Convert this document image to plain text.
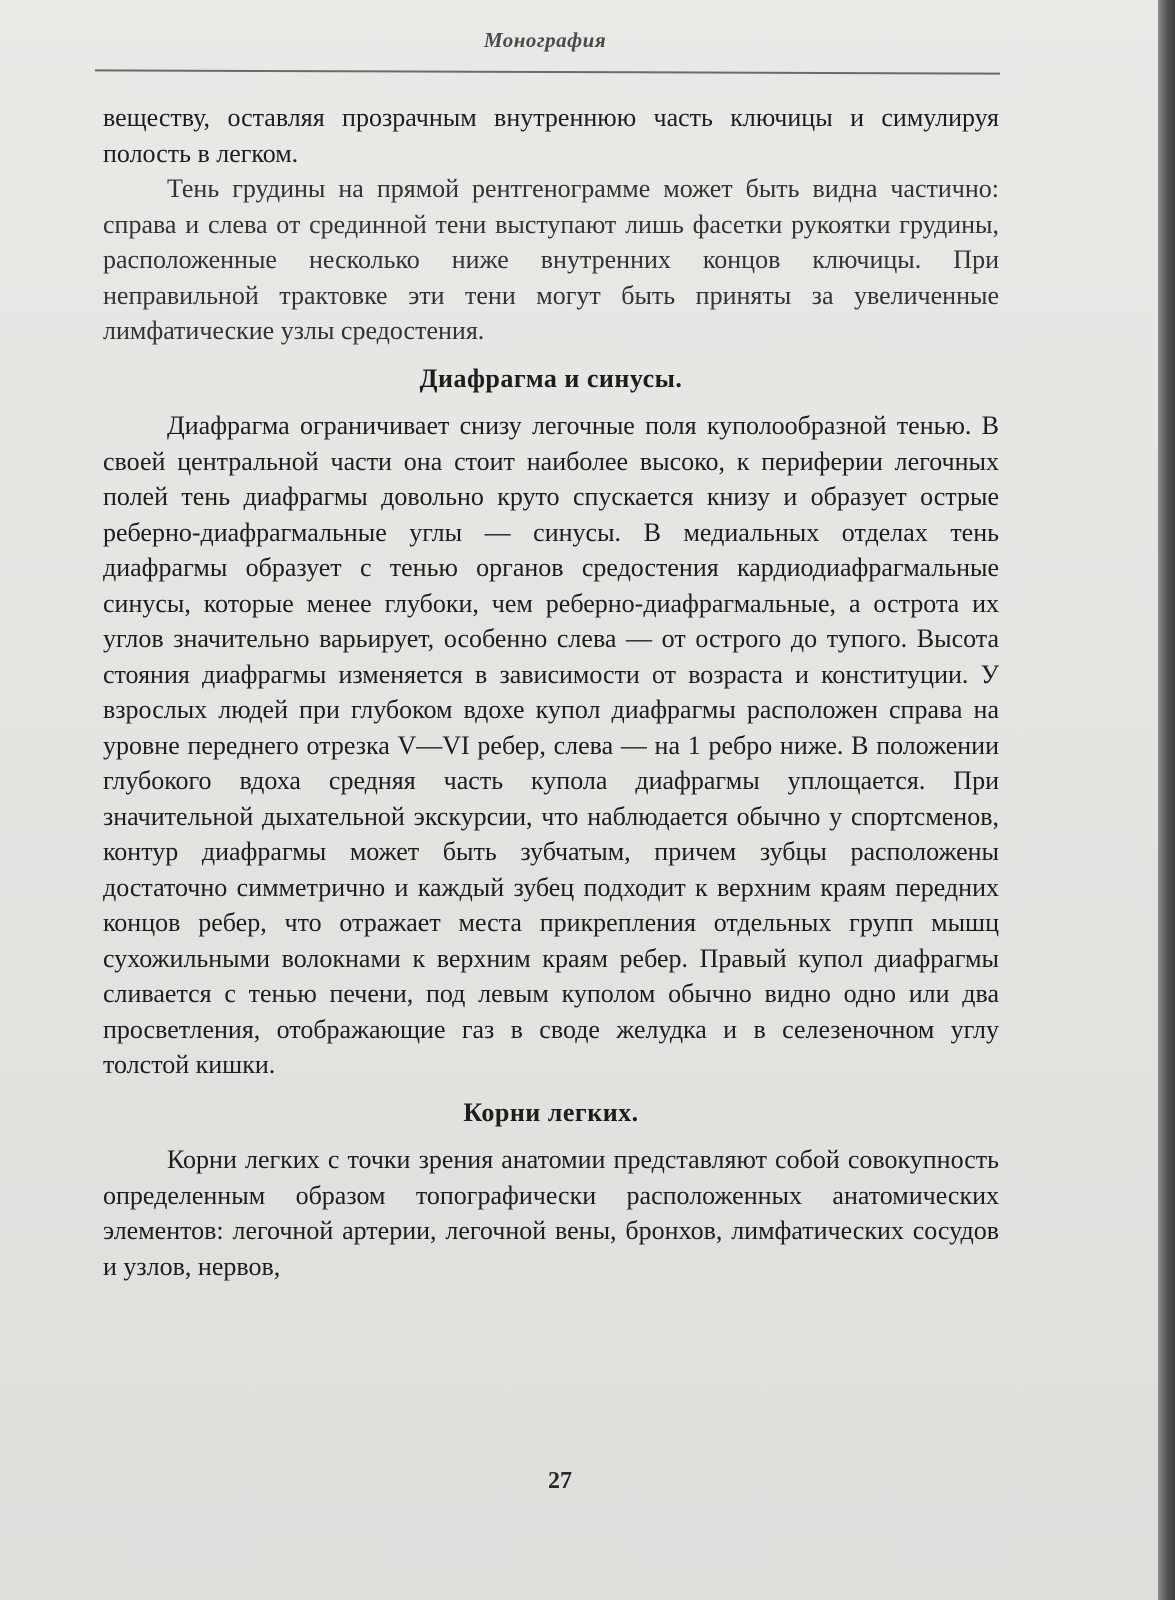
Монография

веществу, оставляя прозрачным внутреннюю часть ключицы и симулируя полость в легком.

Тень грудины на прямой рентгенограмме может быть видна частично: справа и слева от срединной тени выступают лишь фасетки рукоятки грудины, расположенные несколько ниже внутренних концов ключицы. При неправильной трактовке эти тени могут быть приняты за увеличенные лимфатические узлы средостения.

Диафрагма и синусы.

Диафрагма ограничивает снизу легочные поля куполообразной тенью. В своей центральной части она стоит наиболее высоко, к периферии легочных полей тень диафрагмы довольно круто спускается книзу и образует острые реберно-диафрагмальные углы — синусы. В медиальных отделах тень диафрагмы образует с тенью органов средостения кардиодиафрагмальные синусы, которые менее глубоки, чем реберно-диафрагмальные, а острота их углов значительно варьирует, особенно слева — от острого до тупого. Высота стояния диафрагмы изменяется в зависимости от возраста и конституции. У взрослых людей при глубоком вдохе купол диафрагмы расположен справа на уровне переднего отрезка V—VI ребер, слева — на 1 ребро ниже. В положении глубокого вдоха средняя часть купола диафрагмы уплощается. При значительной дыхательной экскурсии, что наблюдается обычно у спортсменов, контур диафрагмы может быть зубчатым, причем зубцы расположены достаточно симметрично и каждый зубец подходит к верхним краям передних концов ребер, что отражает места прикрепления отдельных групп мышц сухожильными волокнами к верхним краям ребер. Правый купол диафрагмы сливается с тенью печени, под левым куполом обычно видно одно или два просветления, отображающие газ в своде желудка и в селезеночном углу толстой кишки.

Корни легких.

Корни легких с точки зрения анатомии представляют собой совокупность определенным образом топографически расположенных анатомических элементов: легочной артерии, легочной вены, бронхов, лимфатических сосудов и узлов, нервов,

27
